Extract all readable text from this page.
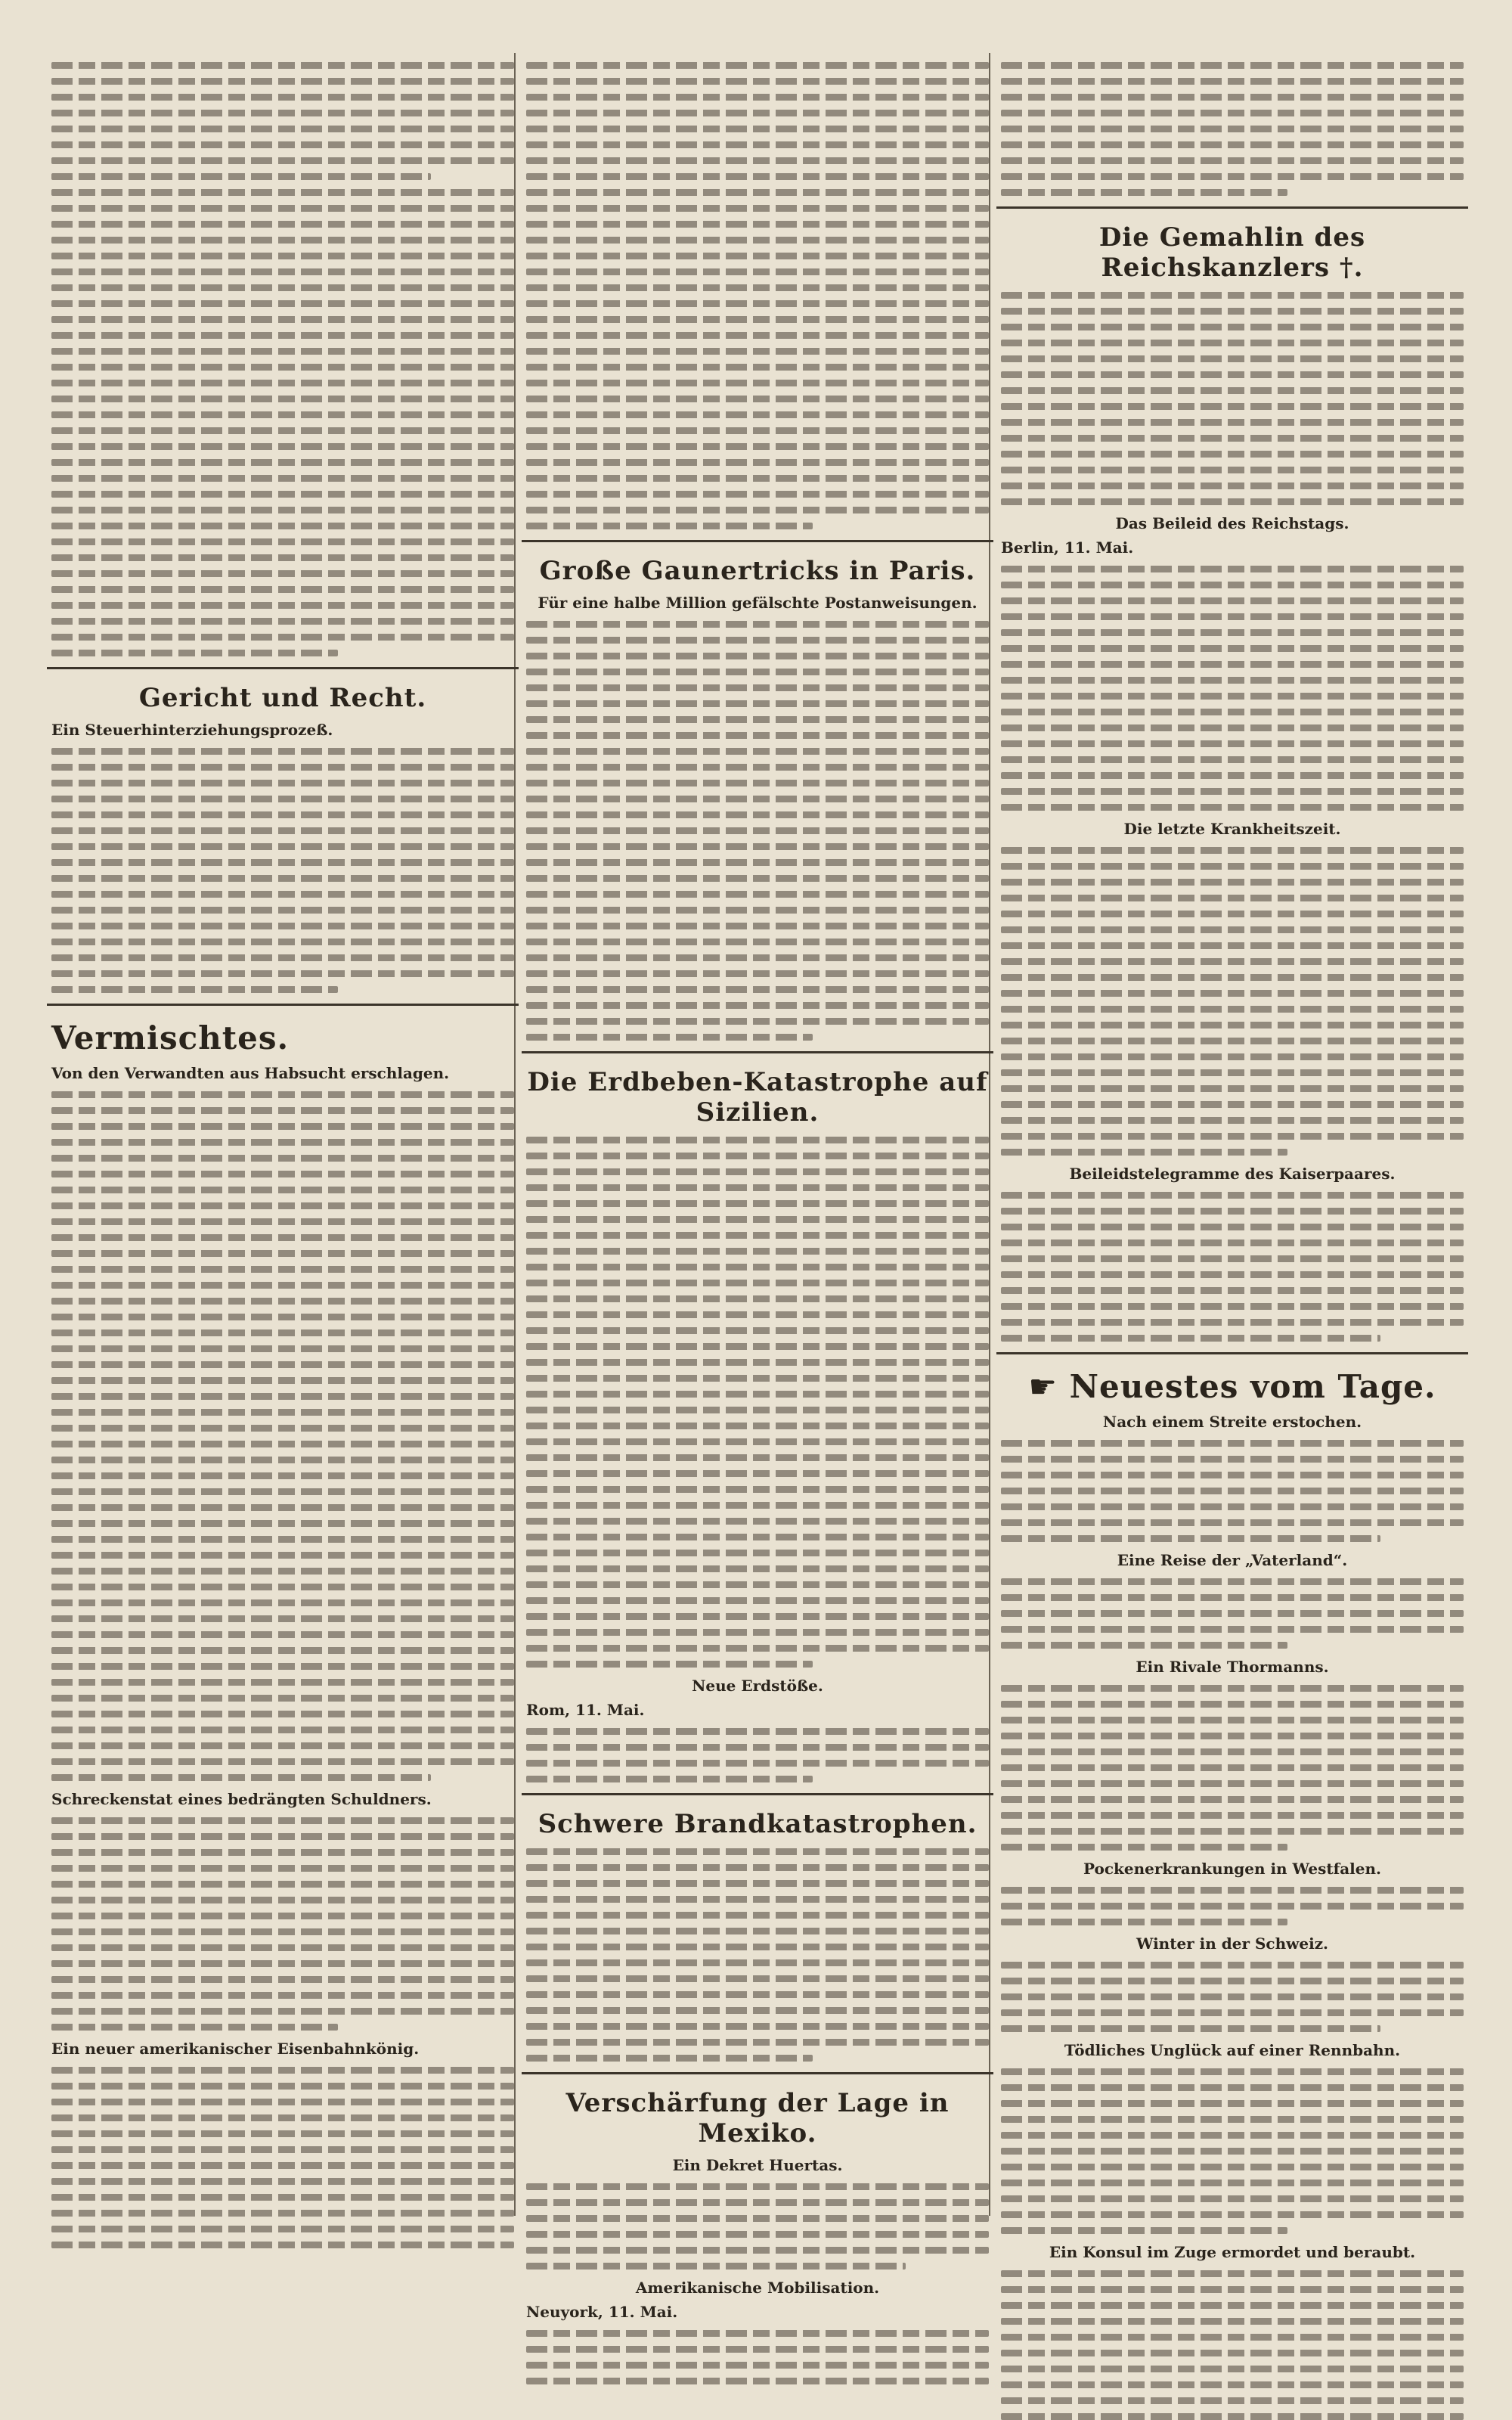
Gericht und Recht.
Ein Steuerhinterziehungsprozeß.
Vermischtes.
Von den Verwandten aus Habsucht erschlagen.
Schreckenstat eines bedrängten Schuldners.
Ein neuer amerikanischer Eisenbahnkönig.
Große Gaunertricks in Paris.
Für eine halbe Million gefälschte Postanweisungen.
Die Erdbeben-Katastrophe auf Sizilien.
Neue Erdstöße.
Rom, 11. Mai.
Schwere Brandkatastrophen.
Verschärfung der Lage in Mexiko.
Ein Dekret Huertas.
Amerikanische Mobilisation.
Neuyork, 11. Mai.
Die Gemahlin des Reichskanzlers †.
Das Beileid des Reichstags.
Berlin, 11. Mai.
Die letzte Krankheitszeit.
Beileidstelegramme des Kaiserpaares.
☛ Neuestes vom Tage.
Nach einem Streite erstochen.
Eine Reise der „Vaterland“.
Ein Rivale Thormanns.
Pockenerkrankungen in Westfalen.
Winter in der Schweiz.
Tödliches Unglück auf einer Rennbahn.
Ein Konsul im Zuge ermordet und beraubt.
